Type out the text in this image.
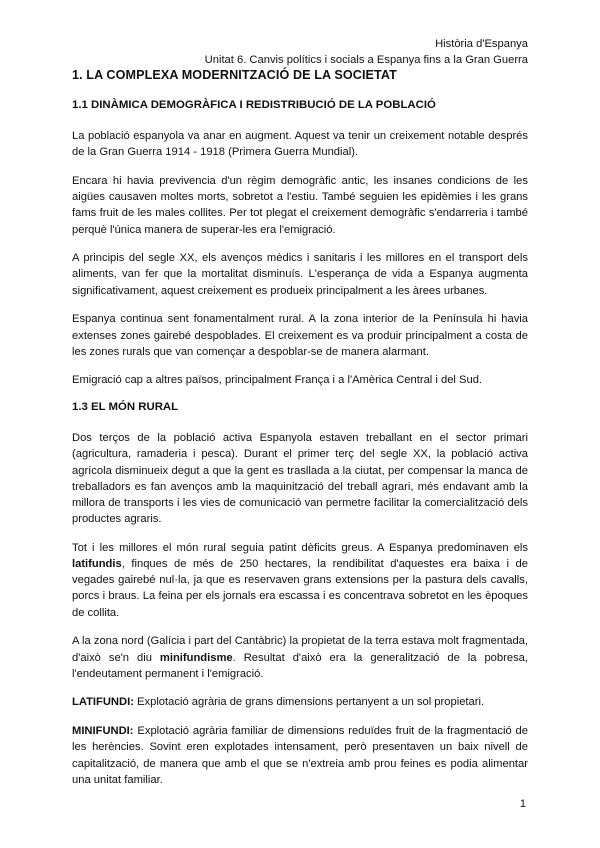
Història d'Espanya
Unitat 6. Canvis polítics i socials a Espanya fins a la Gran Guerra
1. LA COMPLEXA MODERNITZACIÓ DE LA SOCIETAT
1.1 DINÀMICA DEMOGRÀFICA I REDISTRIBUCIÓ DE LA POBLACIÓ

La població espanyola va anar en augment. Aquest va tenir un creixement notable després de la Gran Guerra 1914 - 1918 (Primera Guerra Mundial).

Encara hi havia previvencia d'un règim demogràfic antic, les insanes condicions de les aigües causaven moltes morts, sobretot a l'estiu. També seguien les epidèmies i les grans fams fruit de les males collites. Per tot plegat el creixement demogràfic s'endarreria i també perquè l'única manera de superar-les era l'emigració.

A principis del segle XX, els avenços mèdics i sanitaris i les millores en el transport dels aliments, van fer que la mortalitat disminuís. L'esperança de vida a Espanya augmenta significativament, aquest creixement es produeix principalment a les àrees urbanes.

Espanya continua sent fonamentalment rural. A la zona interior de la Península hi havia extenses zones gairebé despoblades. El creixement es va produir principalment a costa de les zones rurals que van començar a despoblar-se de manera alarmant.

Emigració cap a altres països, principalment França i a l'Amèrica Central i del Sud.

1.3 EL MÓN RURAL

Dos terços de la població activa Espanyola estaven treballant en el sector primari (agricultura, ramaderia i pesca). Durant el primer terç del segle XX, la població activa agrícola disminueix degut a que la gent es trasllada a la ciutat, per compensar la manca de treballadors es fan avenços amb la maquinització del treball agrari, més endavant amb la millora de transports i les vies de comunicació van permetre facilitar la comercialització dels productes agraris.

Tot i les millores el món rural seguia patint dèficits greus. A Espanya predominaven els latifundis, finques de més de 250 hectares, la rendibilitat d'aquestes era baixa i de vegades gairebé nul·la, ja que es reservaven grans extensions per la pastura dels cavalls, porcs i braus. La feina per els jornals era escassa i es concentrava sobretot en les èpoques de collita.

A la zona nord (Galícia i part del Cantàbric) la propietat de la terra estava molt fragmentada, d'això se'n diu minifundisme. Resultat d'això era la generalització de la pobresa, l'endeutament permanent i l'emigració.

LATIFUNDI: Explotació agrària de grans dimensions pertanyent a un sol propietari.

MINIFUNDI: Explotació agrària familiar de dimensions reduïdes fruit de la fragmentació de les herències. Sovint eren explotades intensament, però presentaven un baix nivell de capitalització, de manera que amb el que se n'extreia amb prou feines es podia alimentar una unitat familiar.

1
